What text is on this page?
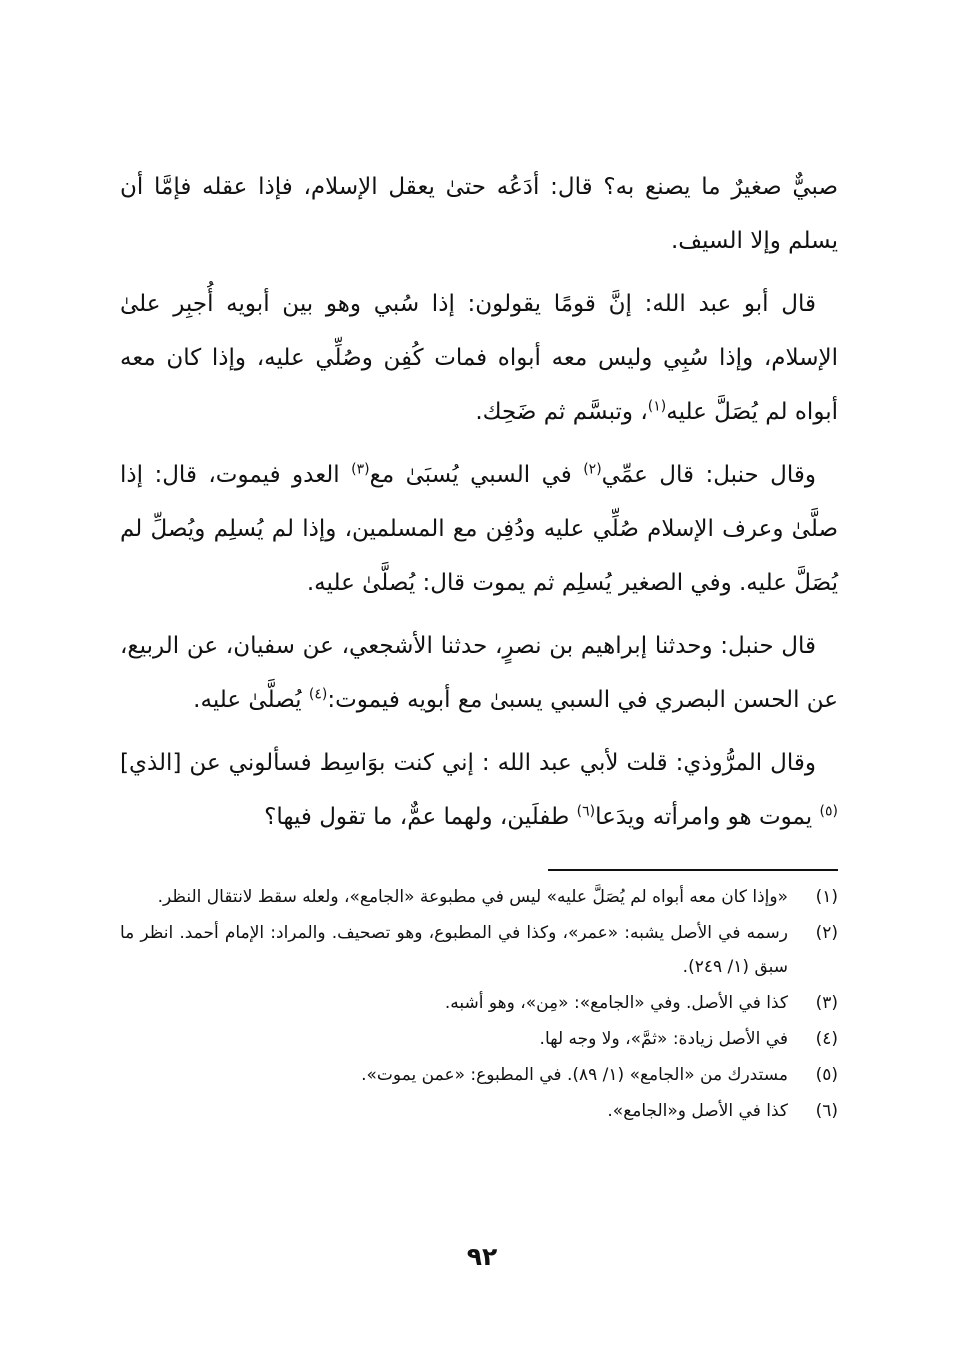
صبيٌّ صغيرٌ ما يصنع به؟ قال: أدَعُه حتىٰ يعقل الإسلام، فإذا عقله فإمَّا أن يسلم وإلا السيف.

قال أبو عبد الله: إنَّ قومًا يقولون: إذا سُبي وهو بين أبويه أُجبِر علىٰ الإسلام، وإذا سُبِي وليس معه أبواه فمات كُفِن وصُلِّي عليه، وإذا كان معه أبواه لم يُصَلَّ عليه$^{(١)}$، وتبسَّم ثم ضَحِك.

وقال حنبل: قال عمِّي$^{(٢)}$ في السبي يُسبَىٰ مع$^{(٣)}$ العدو فيموت، قال: إذا صلَّىٰ وعرف الإسلام صُلِّي عليه ودُفِن مع المسلمين، وإذا لم يُسلِم ويُصلِّ لم يُصَلَّ عليه. وفي الصغير يُسلِم ثم يموت قال: يُصلَّىٰ عليه.

قال حنبل: وحدثنا إبراهيم بن نصرٍ، حدثنا الأشجعي، عن سفيان، عن الربيع، عن الحسن البصري في السبي يسبىٰ مع أبويه فيموت:$^{(٤)}$ يُصلَّىٰ عليه.

وقال المرُّوذي: قلت لأبي عبد الله : إني كنت بوَاسِط فسألوني عن [الذي]$^{(٥)}$ يموت هو وامرأته ويدَعا$^{(٦)}$ طفلَين، ولهما عمٌّ، ما تقول فيها؟

(١)
«وإذا كان معه أبواه لم يُصَلَّ عليه» ليس في مطبوعة «الجامع»، ولعله سقط لانتقال النظر.
(٢)
رسمه في الأصل يشبه: «عمر»، وكذا في المطبوع، وهو تصحيف. والمراد: الإمام أحمد. انظر ما سبق (١/ ٢٤٩).
(٣)
كذا في الأصل. وفي «الجامع»: «مِن»، وهو أشبه.
(٤)
في الأصل زيادة: «ثمَّ»، ولا وجه لها.
(٥)
مستدرك من «الجامع» (١/ ٨٩). في المطبوع: «عمن يموت».
(٦)
كذا في الأصل و«الجامع».
٩٢
